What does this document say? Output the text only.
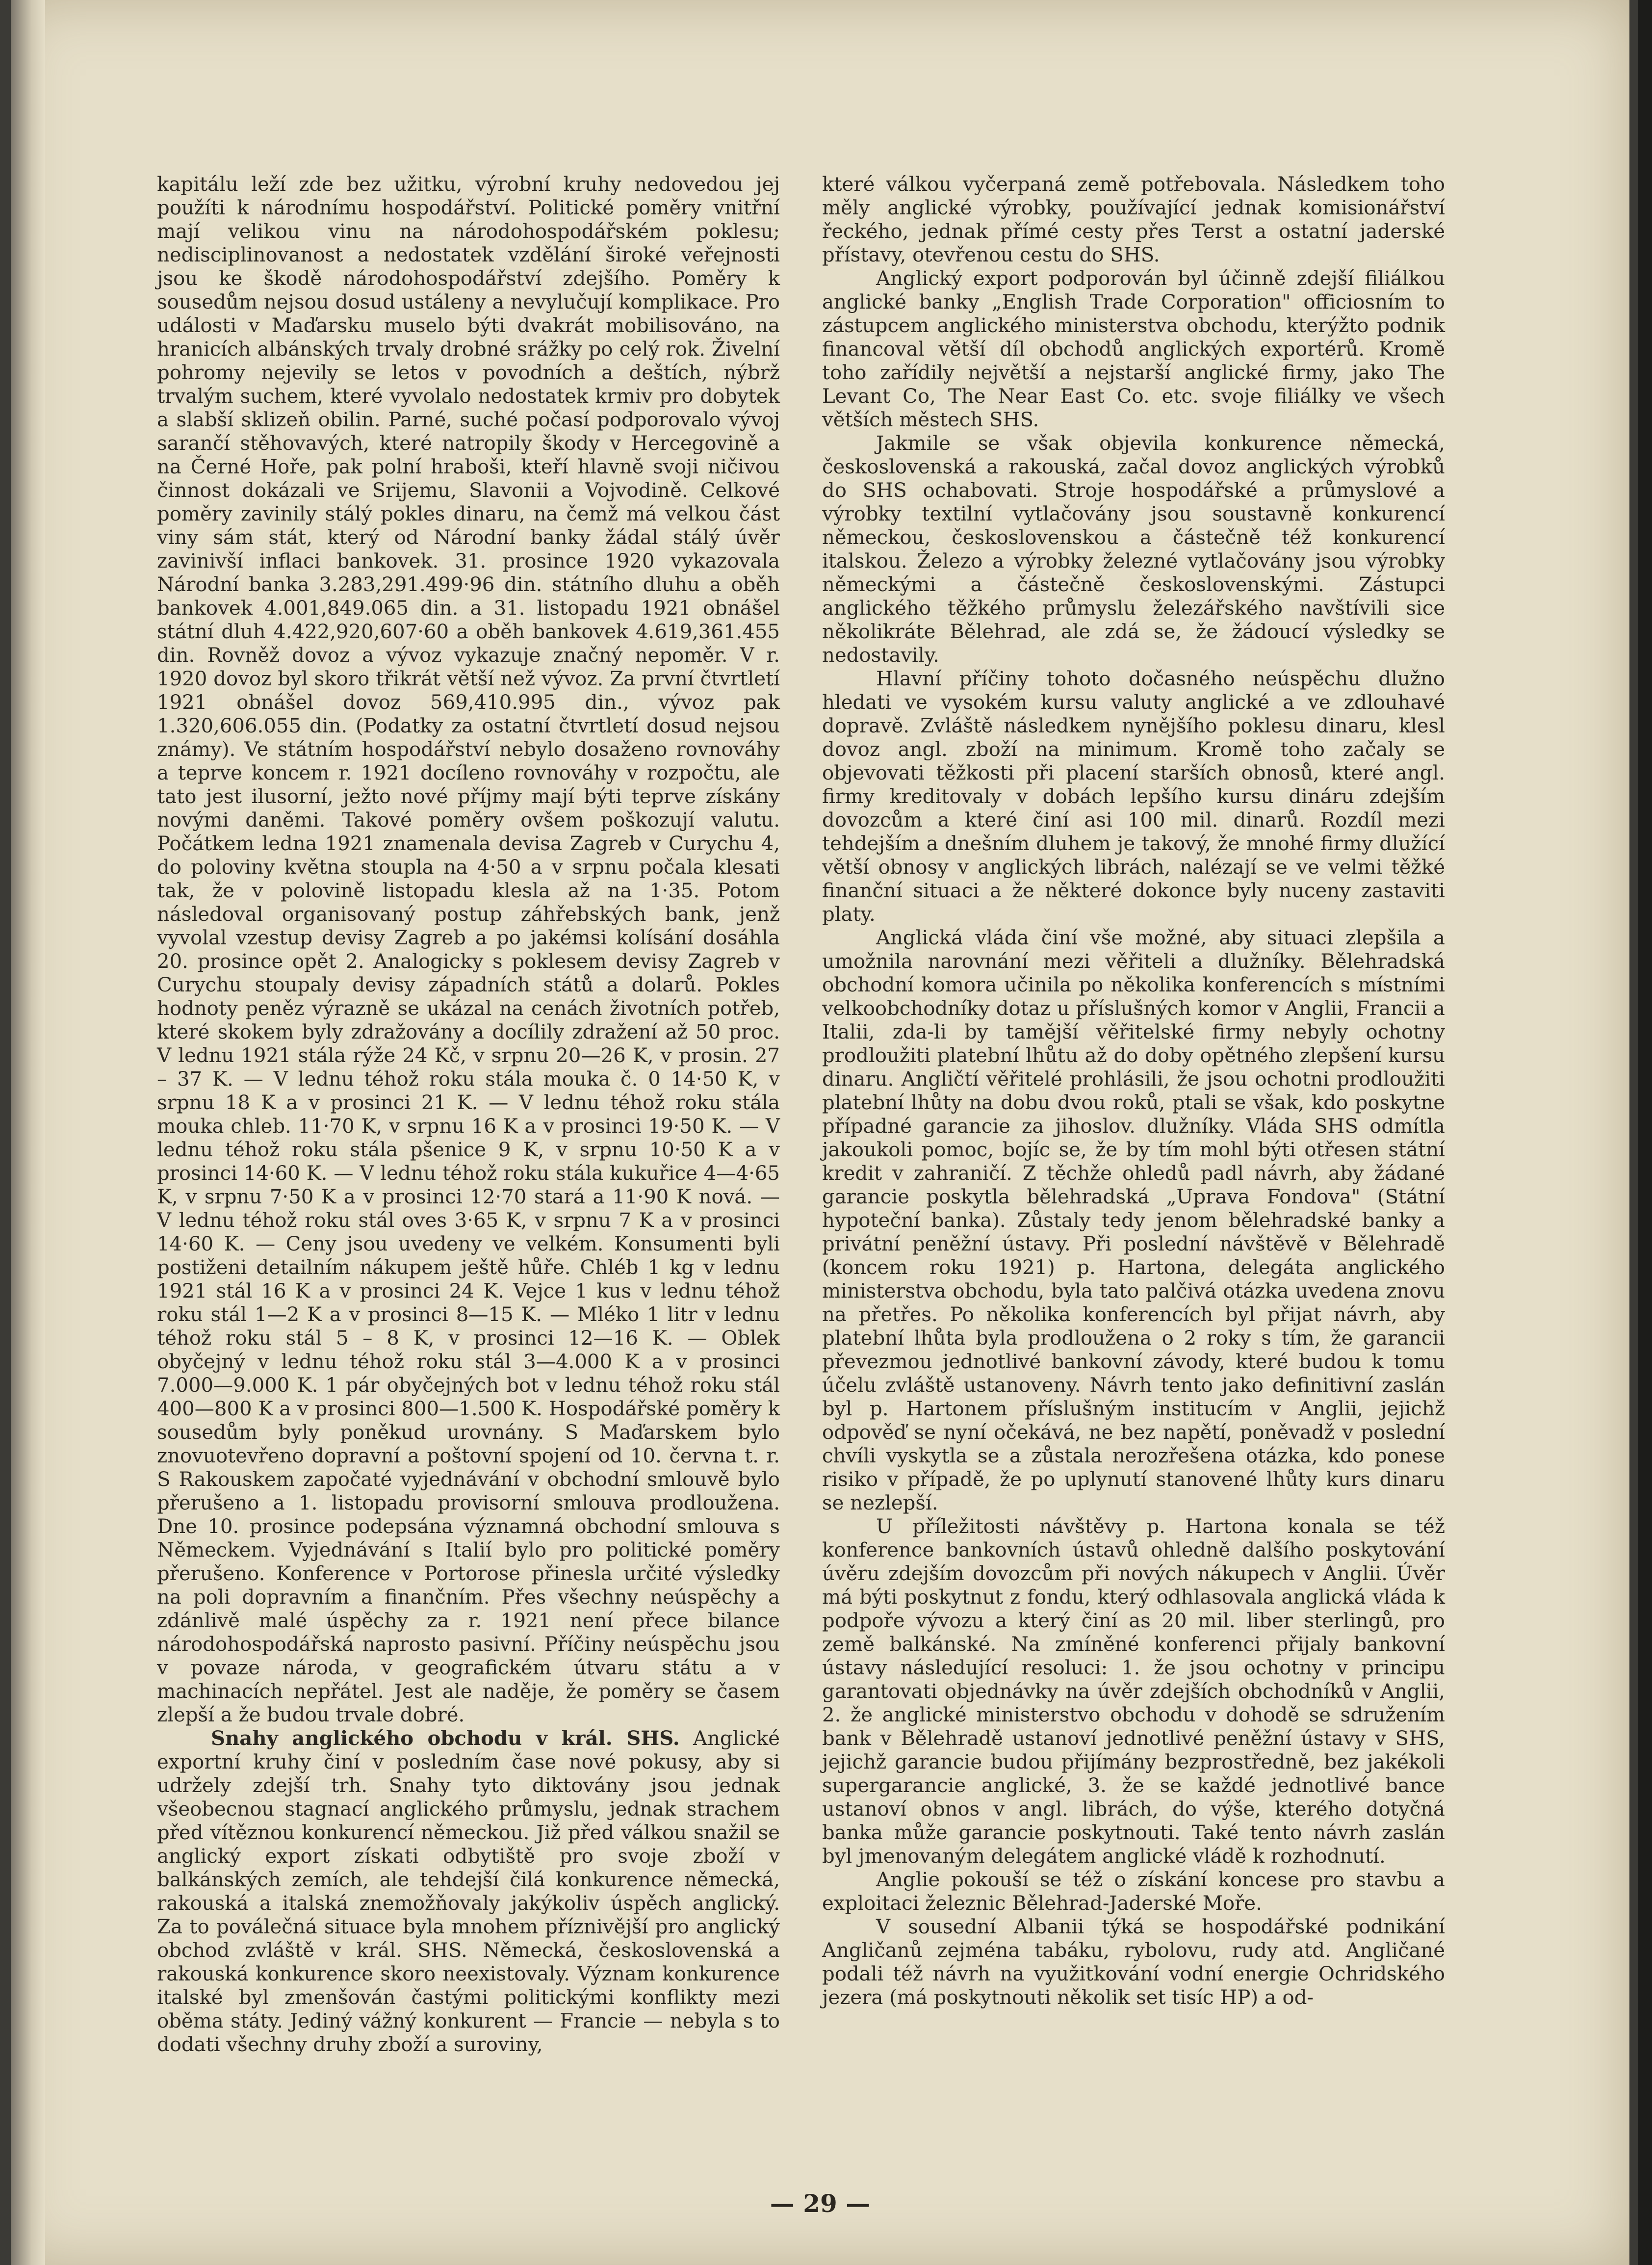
kapitálu leží zde bez užitku, výrobní kruhy nedovedou jej použíti k národnímu hospodářství. Politické poměry vnitřní mají velikou vinu na národohospodářském poklesu; nedisciplinovanost a nedostatek vzdělání široké veřejnosti jsou ke škodě národohospodářství zdejšího. Poměry k sousedům nejsou dosud ustáleny a nevylučují komplikace. Pro události v Maďarsku muselo býti dvakrát mobilisováno, na hranicích albánských trvaly drobné srážky po celý rok. Živelní pohromy nejevily se letos v povodních a deštích, nýbrž trvalým suchem, které vyvolalo nedostatek krmiv pro dobytek a slabší sklizeň obilin. Parné, suché počasí podporovalo vývoj sarančí stěhovavých, které natropily škody v Hercegovině a na Černé Hoře, pak polní hraboši, kteří hlavně svoji ničivou činnost dokázali ve Srijemu, Slavonii a Vojvodině. Celkové poměry zavinily stálý pokles dinaru, na čemž má velkou část viny sám stát, který od Národní banky žádal stálý úvěr zavinivší inflaci bankovek. 31. prosince 1920 vykazovala Národní banka 3.283,291.499·96 din. státního dluhu a oběh bankovek 4.001,849.065 din. a 31. listopadu 1921 obnášel státní dluh 4.422,920,607·60 a oběh bankovek 4.619,361.455 din. Rovněž dovoz a vývoz vykazuje značný nepoměr. V r. 1920 dovoz byl skoro třikrát větší než vývoz. Za první čtvrtletí 1921 obnášel dovoz 569,410.995 din., vývoz pak 1.320,606.055 din. (Podatky za ostatní čtvrtletí dosud nejsou známy). Ve státním hospodářství nebylo dosaženo rovnováhy a teprve koncem r. 1921 docíleno rovnováhy v rozpočtu, ale tato jest ilusorní, ježto nové příjmy mají býti teprve získány novými daněmi. Takové poměry ovšem poškozují valutu. Počátkem ledna 1921 znamenala devisa Zagreb v Curychu 4, do poloviny května stoupla na 4·50 a v srpnu počala klesati tak, že v polovině listopadu klesla až na 1·35. Potom následoval organisovaný postup záhřebských bank, jenž vyvolal vzestup devisy Zagreb a po jakémsi kolísání dosáhla 20. prosince opět 2. Analogicky s poklesem devisy Zagreb v Curychu stoupaly devisy západních států a dolarů. Pokles hodnoty peněz výrazně se ukázal na cenách životních potřeb, které skokem byly zdražovány a docílily zdražení až 50 proc. V lednu 1921 stála rýže 24 Kč, v srpnu 20—26 K, v prosin. 27 – 37 K. — V lednu téhož roku stála mouka č. 0 14·50 K, v srpnu 18 K a v prosinci 21 K. — V lednu téhož roku stála mouka chleb. 11·70 K, v srpnu 16 K a v prosinci 19·50 K. — V lednu téhož roku stála pšenice 9 K, v srpnu 10·50 K a v prosinci 14·60 K. — V lednu téhož roku stála kukuřice 4—4·65 K, v srpnu 7·50 K a v prosinci 12·70 stará a 11·90 K nová. — V lednu téhož roku stál oves 3·65 K, v srpnu 7 K a v prosinci 14·60 K. — Ceny jsou uvedeny ve velkém. Konsumenti byli postiženi detailním nákupem ještě hůře. Chléb 1 kg v lednu 1921 stál 16 K a v prosinci 24 K. Vejce 1 kus v lednu téhož roku stál 1—2 K a v prosinci 8—15 K. — Mléko 1 litr v lednu téhož roku stál 5 – 8 K, v prosinci 12—16 K. — Oblek obyčejný v lednu téhož roku stál 3—4.000 K a v prosinci 7.000—9.000 K. 1 pár obyčejných bot v lednu téhož roku stál 400—800 K a v prosinci 800—1.500 K. Hospodářské poměry k sousedům byly poněkud urovnány. S Maďarskem bylo znovuotevřeno dopravní a poštovní spojení od 10. června t. r. S Rakouskem započaté vyjednávání v obchodní smlouvě bylo přerušeno a 1. listopadu provisorní smlouva prodloužena. Dne 10. prosince podepsána významná obchodní smlouva s Německem. Vyjednávání s Italií bylo pro politické poměry přerušeno. Konference v Portorose přinesla určité výsledky na poli dopravním a finančním. Přes všechny neúspěchy a zdánlivě malé úspěchy za r. 1921 není přece bilance národohospodářská naprosto pasivní. Příčiny neúspěchu jsou v povaze národa, v geografickém útvaru státu a v machinacích nepřátel. Jest ale naděje, že poměry se časem zlepší a že budou trvale dobré.

Snahy anglického obchodu v král. SHS. Anglické exportní kruhy činí v posledním čase nové pokusy, aby si udržely zdejší trh. Snahy tyto diktovány jsou jednak všeobecnou stagnací anglického průmyslu, jednak strachem před vítěznou konkurencí německou. Již před válkou snažil se anglický export získati odbytiště pro svoje zboží v balkánských zemích, ale tehdejší čilá konkurence německá, rakouská a italská znemožňovaly jakýkoliv úspěch anglický. Za to poválečná situace byla mnohem příznivější pro anglický obchod zvláště v král. SHS. Německá, československá a rakouská konkurence skoro neexistovaly. Význam konkurence italské byl zmenšován častými politickými konflikty mezi oběma státy. Jediný vážný konkurent — Francie — nebyla s to dodati všechny druhy zboží a suroviny,

které válkou vyčerpaná země potřebovala. Následkem toho měly anglické výrobky, používající jednak komisionářství řeckého, jednak přímé cesty přes Terst a ostatní jaderské přístavy, otevřenou cestu do SHS.

Anglický export podporován byl účinně zdejší filiálkou anglické banky „English Trade Corporation" officiosním to zástupcem anglického ministerstva obchodu, kterýžto podnik financoval větší díl obchodů anglických exportérů. Kromě toho zařídily největší a nejstarší anglické firmy, jako The Levant Co, The Near East Co. etc. svoje filiálky ve všech větších městech SHS.

Jakmile se však objevila konkurence německá, československá a rakouská, začal dovoz anglických výrobků do SHS ochabovati. Stroje hospodářské a průmyslové a výrobky textilní vytlačovány jsou soustavně konkurencí německou, československou a částečně též konkurencí italskou. Železo a výrobky železné vytlačovány jsou výrobky německými a částečně československými. Zástupci anglického těžkého průmyslu železářského navštívili sice několikráte Bělehrad, ale zdá se, že žádoucí výsledky se nedostavily.

Hlavní příčiny tohoto dočasného neúspěchu dlužno hledati ve vysokém kursu valuty anglické a ve zdlouhavé dopravě. Zvláště následkem nynějšího poklesu dinaru, klesl dovoz angl. zboží na minimum. Kromě toho začaly se objevovati těžkosti při placení starších obnosů, které angl. firmy kreditovaly v dobách lepšího kursu dináru zdejším dovozcům a které činí asi 100 mil. dinarů. Rozdíl mezi tehdejším a dnešním dluhem je takový, že mnohé firmy dlužící větší obnosy v anglických librách, nalézají se ve velmi těžké finanční situaci a že některé dokonce byly nuceny zastaviti platy.

Anglická vláda činí vše možné, aby situaci zlepšila a umožnila narovnání mezi věřiteli a dlužníky. Bělehradská obchodní komora učinila po několika konferencích s místními velkoobchodníky dotaz u příslušných komor v Anglii, Francii a Italii, zda-li by tamější věřitelské firmy nebyly ochotny prodloužiti platební lhůtu až do doby opětného zlepšení kursu dinaru. Angličtí věřitelé prohlásili, že jsou ochotni prodloužiti platební lhůty na dobu dvou roků, ptali se však, kdo poskytne případné garancie za jihoslov. dlužníky. Vláda SHS odmítla jakoukoli pomoc, bojíc se, že by tím mohl býti otřesen státní kredit v zahraničí. Z těchže ohledů padl návrh, aby žádané garancie poskytla bělehradská „Uprava Fondova" (Státní hypoteční banka). Zůstaly tedy jenom bělehradské banky a privátní peněžní ústavy. Při poslední návštěvě v Bělehradě (koncem roku 1921) p. Hartona, delegáta anglického ministerstva obchodu, byla tato palčivá otázka uvedena znovu na přetřes. Po několika konferencích byl přijat návrh, aby platební lhůta byla prodloužena o 2 roky s tím, že garancii převezmou jednotlivé bankovní závody, které budou k tomu účelu zvláště ustanoveny. Návrh tento jako definitivní zaslán byl p. Hartonem příslušným institucím v Anglii, jejichž odpověď se nyní očekává, ne bez napětí, poněvadž v poslední chvíli vyskytla se a zůstala nerozřešena otázka, kdo ponese risiko v případě, že po uplynutí stanovené lhůty kurs dinaru se nezlepší.

U příležitosti návštěvy p. Hartona konala se též konference bankovních ústavů ohledně dalšího poskytování úvěru zdejším dovozcům při nových nákupech v Anglii. Úvěr má býti poskytnut z fondu, který odhlasovala anglická vláda k podpoře vývozu a který činí as 20 mil. liber sterlingů, pro země balkánské. Na zmíněné konferenci přijaly bankovní ústavy následující resoluci: 1. že jsou ochotny v principu garantovati objednávky na úvěr zdejších obchodníků v Anglii, 2. že anglické ministerstvo obchodu v dohodě se sdružením bank v Bělehradě ustanoví jednotlivé peněžní ústavy v SHS, jejichž garancie budou přijímány bezprostředně, bez jakékoli supergarancie anglické, 3. že se každé jednotlivé bance ustanoví obnos v angl. librách, do výše, kterého dotyčná banka může garancie poskytnouti. Také tento návrh zaslán byl jmenovaným delegátem anglické vládě k rozhodnutí.

Anglie pokouší se též o získání koncese pro stavbu a exploitaci železnic Bělehrad-Jaderské Moře.

V sousední Albanii týká se hospodářské podnikání Angličanů zejména tabáku, rybolovu, rudy atd. Angličané podali též návrh na využitkování vodní energie Ochridského jezera (má poskytnouti několik set tisíc HP) a od-

— 29 —
